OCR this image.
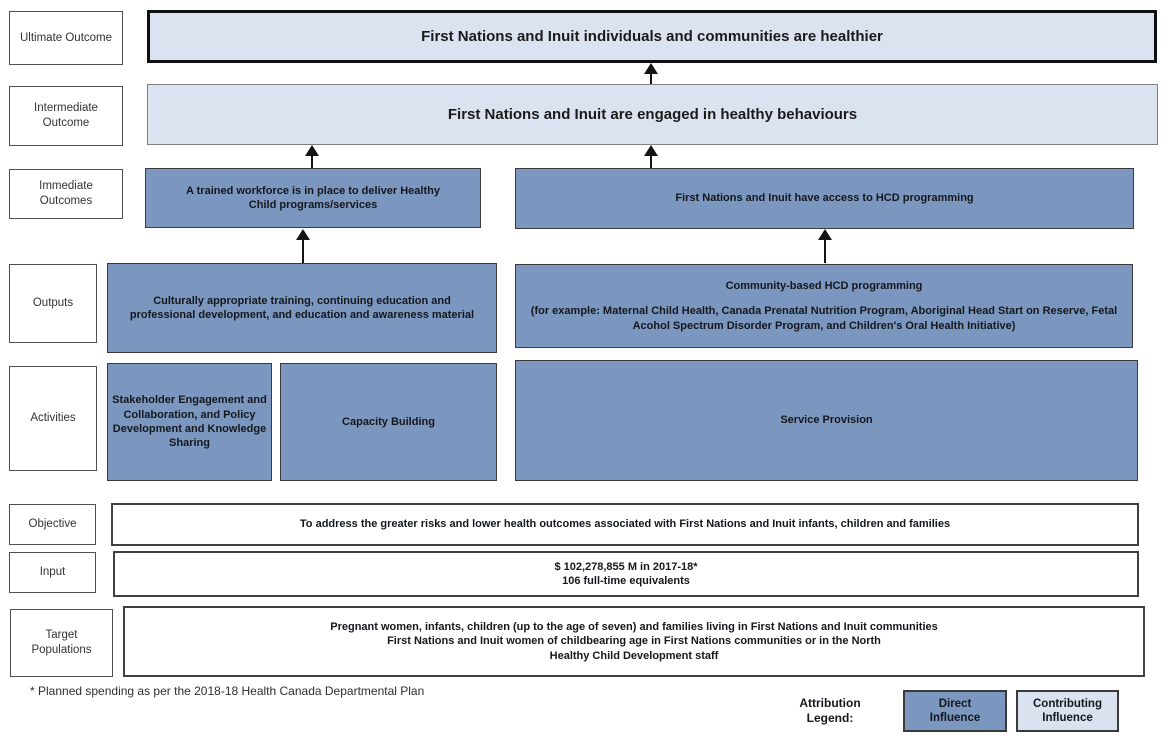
Ultimate Outcome
Intermediate Outcome
Immediate Outcomes
Outputs
Activities
Objective
Input
Target Populations
First Nations and Inuit individuals and communities are healthier
First Nations and Inuit are engaged in healthy behaviours
A trained workforce is in place to deliver Healthy Child programs/services
First Nations and Inuit have access to HCD programming
Culturally appropriate training, continuing education and professional development, and education and awareness material
Community-based HCD programming
(for example: Maternal Child Health, Canada Prenatal Nutrition Program, Aboriginal Head Start on Reserve, Fetal Acohol Spectrum Disorder Program, and Children's Oral Health Initiative)
Stakeholder Engagement and Collaboration, and Policy Development and Knowledge Sharing
Capacity Building	Service Provision
To address the greater risks and lower health outcomes associated with First Nations and Inuit infants, children and families
$ 102,278,855 M in 2017-18*
106 full-time equivalents
Pregnant women, infants, children (up to the age of seven) and families living in First Nations and Inuit communities
First Nations and Inuit women of childbearing age in First Nations communities or in the North
Healthy Child Development staff
* Planned spending as per the 2018-18 Health Canada Departmental Plan
Attribution Legend:
Direct Influence
Contributing Influence
